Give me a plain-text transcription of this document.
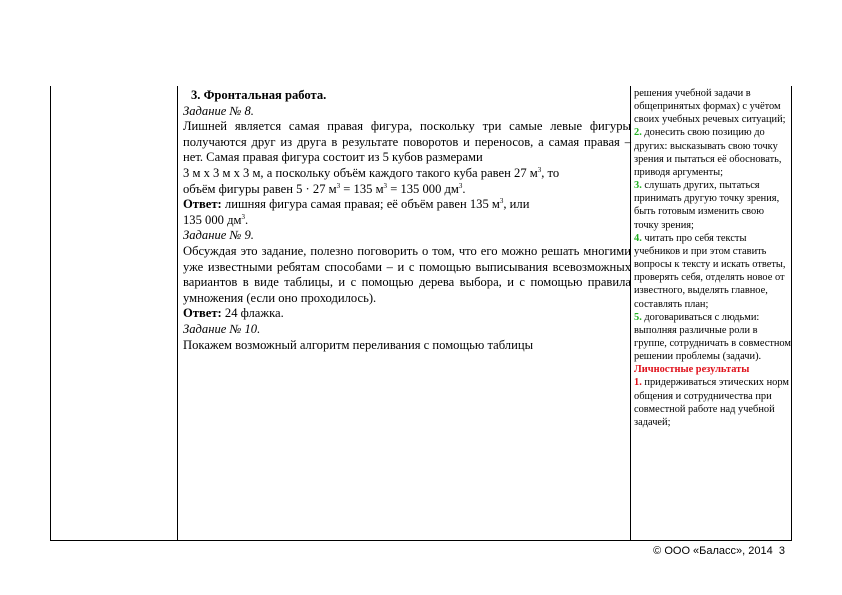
3. Фронтальная работа.

Задание № 8.

Лишней является самая правая фигура, поскольку три самые левые фигуры получаются друг из друга в результате поворотов и переносов, а самая правая – нет. Самая правая фигура состоит из 5 кубов размерами

3 м х 3 м х 3 м, а поскольку объём каждого такого куба равен 27 $м^3$, то

объём фигуры равен 5 · 27 $м^3 = 135$ $м^3 = 135$ 000 $дм^3$.

Ответ: лишняя фигура самая правая; её объём равен 135 $м^3$, или

135 000 $дм^3$.

Задание № 9.

Обсуждая это задание, полезно поговорить о том, что его можно решать многими уже известными ребятам способами – и с помощью выписывания всевозможных вариантов в виде таблицы, и с помощью дерева выбора, и с помощью правила умножения (если оно проходилось).

Ответ: 24 флажка.

Задание № 10.

Покажем возможный алгоритм переливания с помощью таблицы

решения учебной задачи в общепринятых формах) с учётом своих учебных речевых ситуаций;

2. донесить свою позицию до других: высказывать свою точку зрения и пытаться её обосновать, приводя аргументы;

3. слушать других, пытаться принимать другую точку зрения, быть готовым изменить свою точку зрения;

4. читать про себя тексты учебников и при этом ставить вопросы к тексту и искать ответы, проверять себя, отделять новое от известного, выделять главное, составлять план;

5. договариваться с людьми: выполняя различные роли в группе, сотрудничать в совместном решении проблемы (задачи).

Личностные результаты

1. придерживаться этических норм общения и сотрудничества при совместной работе над учебной задачей;

© ООО «Баласс», 2014 3
